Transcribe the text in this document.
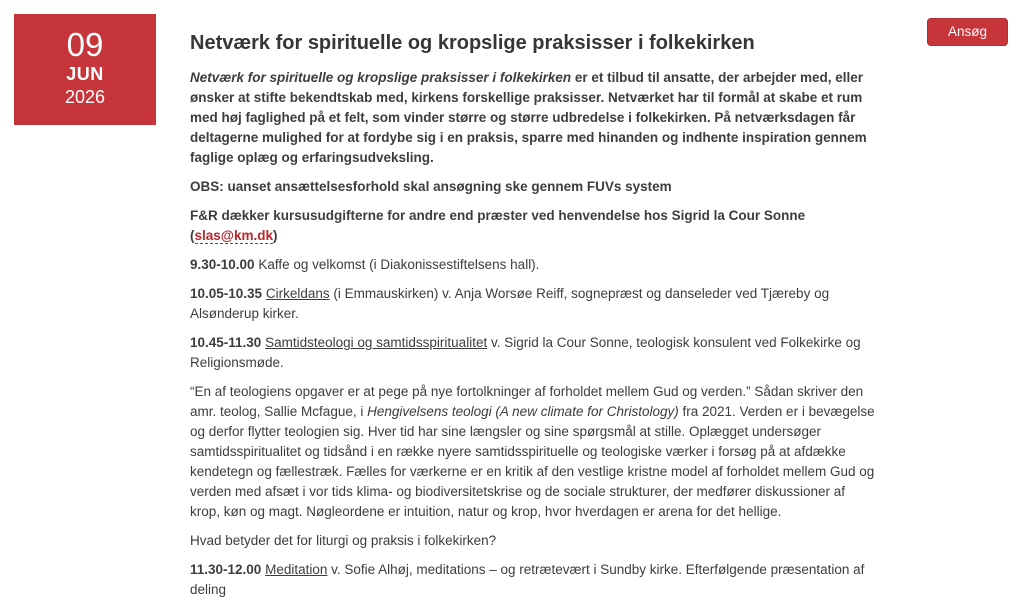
09
JUN
2026
Ansøg
Netværk for spirituelle og kropslige praksisser i folkekirken

Netværk for spirituelle og kropslige praksisser i folkekirken er et tilbud til ansatte, der arbejder med, eller ønsker at stifte bekendtskab med, kirkens forskellige praksisser. Netværket har til formål at skabe et rum med høj faglighed på et felt, som vinder større og større udbredelse i folkekirken. På netværksdagen får deltagerne mulighed for at fordybe sig i en praksis, sparre med hinanden og indhente inspiration gennem faglige oplæg og erfaringsudveksling.

OBS: uanset ansættelsesforhold skal ansøgning ske gennem FUVs system

F&R dækker kursusudgifterne for andre end præster ved henvendelse hos Sigrid la Cour Sonne (slas@km.dk)

9.30-10.00 Kaffe og velkomst (i Diakonissestiftelsens hall).

10.05-10.35 Cirkeldans (i Emmauskirken) v. Anja Worsøe Reiff, sognepræst og danseleder ved Tjæreby og Alsønderup kirker.

10.45-11.30 Samtidsteologi og samtidsspiritualitet v. Sigrid la Cour Sonne, teologisk konsulent ved Folkekirke og Religionsmøde.

“En af teologiens opgaver er at pege på nye fortolkninger af forholdet mellem Gud og verden.” Sådan skriver den amr. teolog, Sallie Mcfague, i Hengivelsens teologi (A new climate for Christology) fra 2021. Verden er i bevægelse og derfor flytter teologien sig. Hver tid har sine længsler og sine spørgsmål at stille. Oplægget undersøger samtidsspiritualitet og tidsånd i en række nyere samtidsspirituelle og teologiske værker i forsøg på at afdække kendetegn og fællestræk. Fælles for værkerne er en kritik af den vestlige kristne model af forholdet mellem Gud og verden med afsæt i vor tids klima- og biodiversitetskrise og de sociale strukturer, der medfører diskussioner af krop, køn og magt. Nøgleordene er intuition, natur og krop, hvor hverdagen er arena for det hellige.

Hvad betyder det for liturgi og praksis i folkekirken?

11.30-12.00 Meditation v. Sofie Alhøj, meditations – og retrætevært i Sundby kirke. Efterfølgende præsentation af deling
